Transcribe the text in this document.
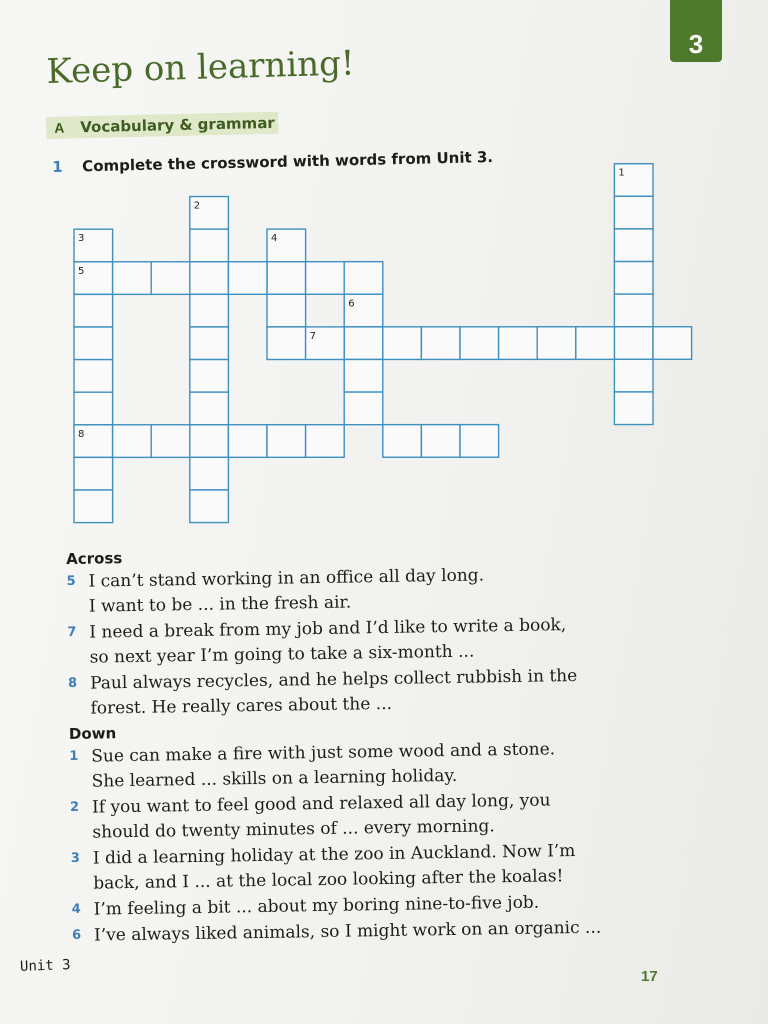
3
Keep on learning!
A	Vocabulary & grammar
1 Complete the crossword with words from Unit 3.	1
2
3	4
6
7
5
8

Across

5 I can’t stand working in an office all day long.
I want to be ... in the fresh air.
7 I need a break from my job and I’d like to write a book,
so next year I’m going to take a six-month ...
8 Paul always recycles, and he helps collect rubbish in the
forest. He really cares about the ...

Down

1 Sue can make a fire with just some wood and a stone.
She learned ... skills on a learning holiday.
2 If you want to feel good and relaxed all day long, you
should do twenty minutes of ... every morning.
3 I did a learning holiday at the zoo in Auckland. Now I’m
back, and I ... at the local zoo looking after the koalas!
4 I’m feeling a bit ... about my boring nine-to-five job.
6 I’ve always liked animals, so I might work on an organic ...
Unit 3
17
